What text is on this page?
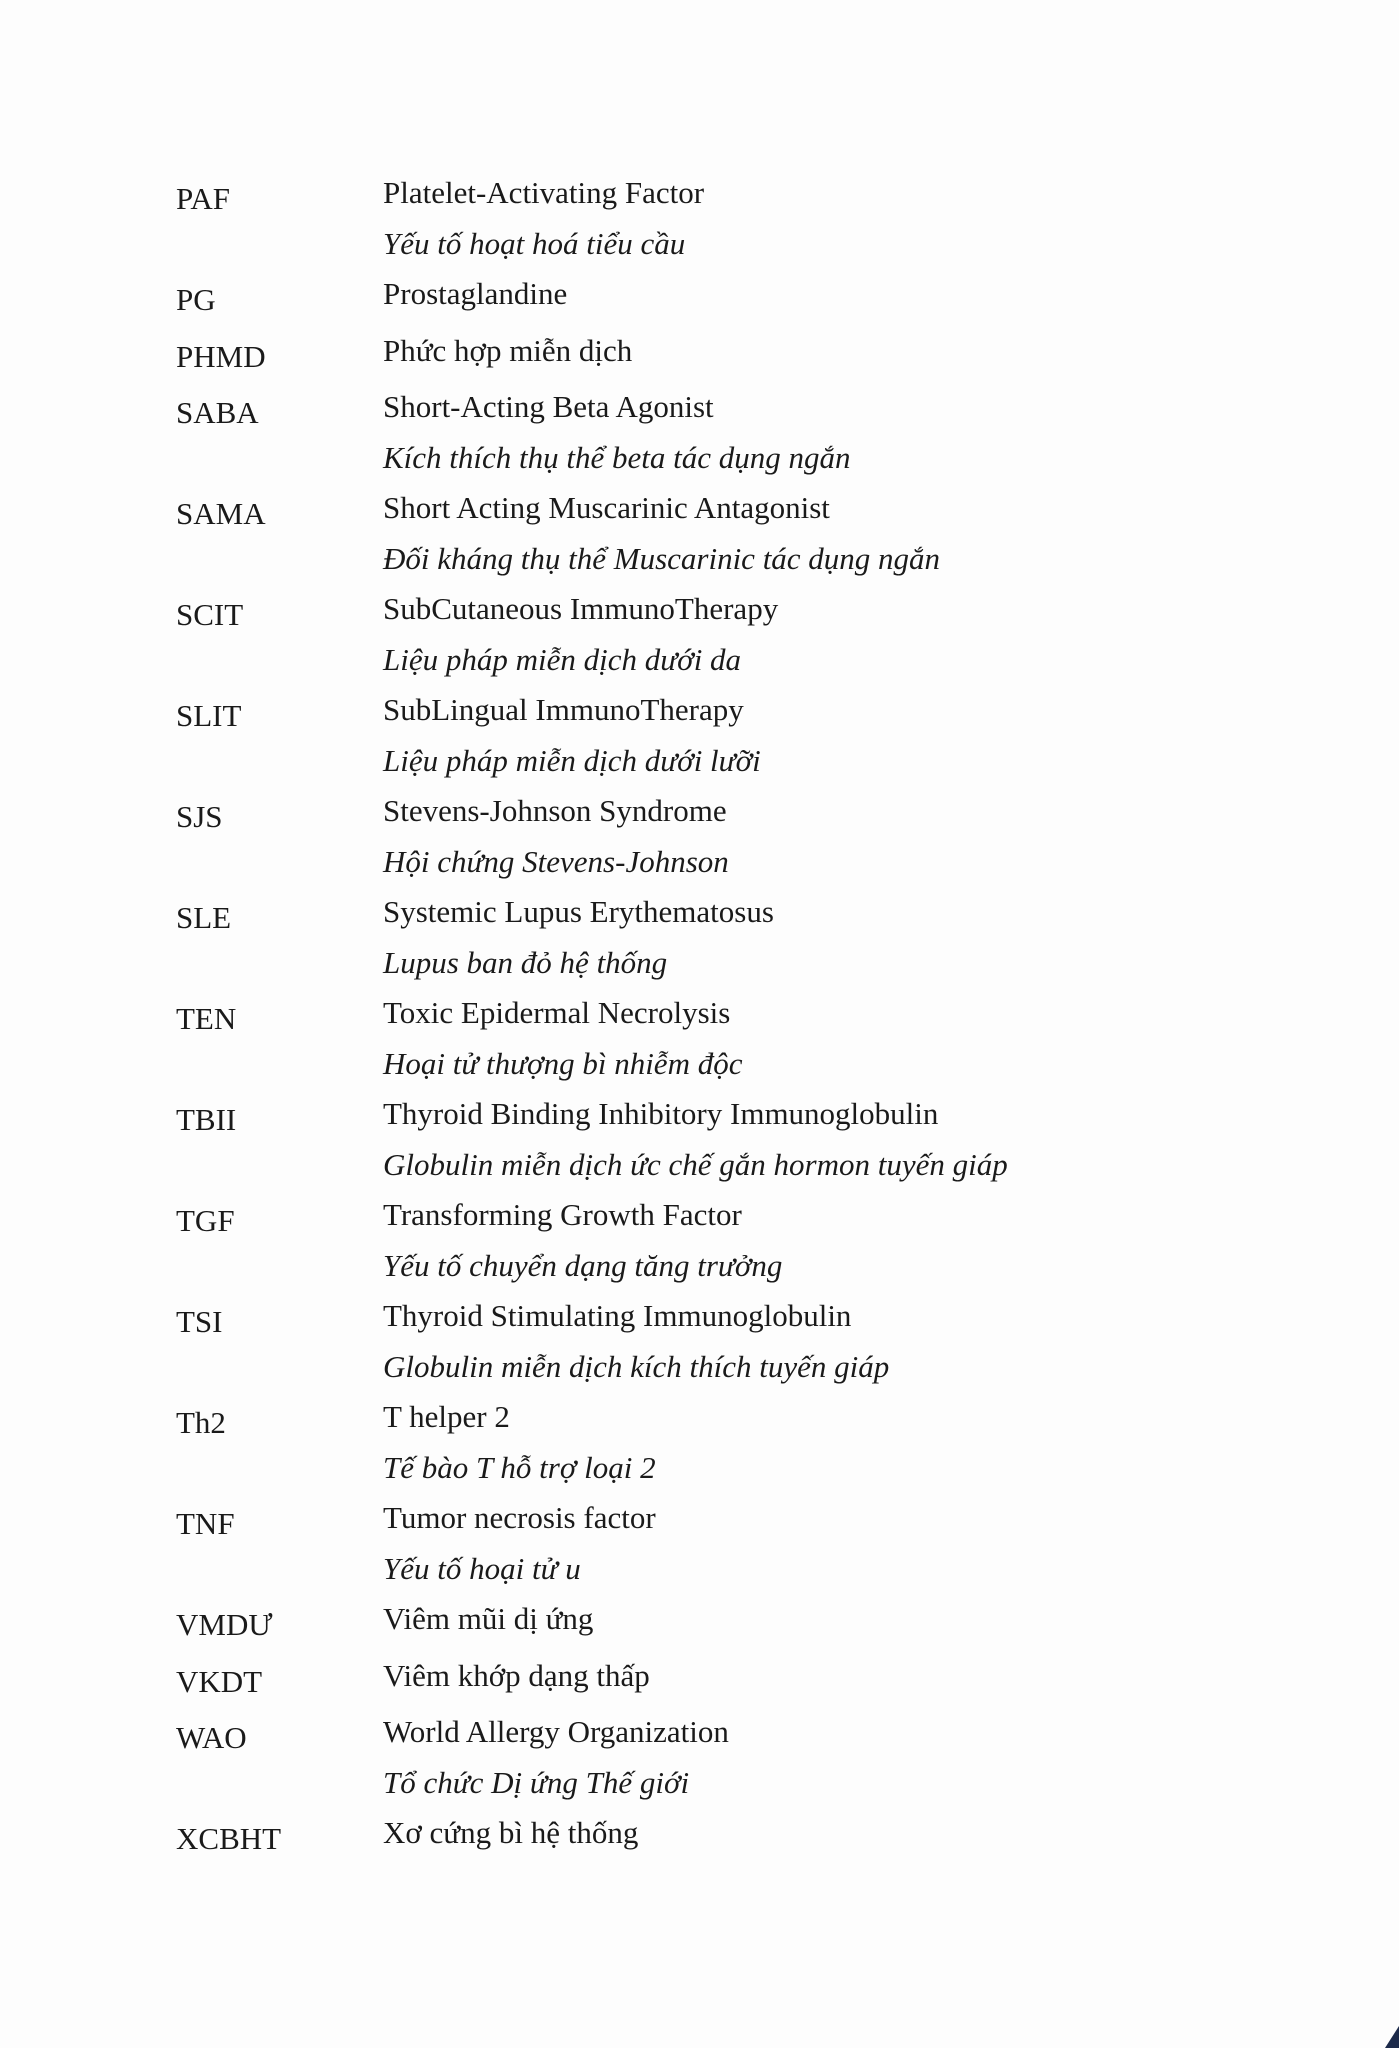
PAF	Platelet-Activating Factor
Yếu tố hoạt hoá tiểu cầu
PG	Prostaglandine
PHMD	Phức hợp miễn dịch
SABA	Short-Acting Beta Agonist
Kích thích thụ thể beta tác dụng ngắn
SAMA	Short Acting Muscarinic Antagonist
Đối kháng thụ thể Muscarinic tác dụng ngắn
SCIT	SubCutaneous ImmunoTherapy
Liệu pháp miễn dịch dưới da
SLIT	SubLingual ImmunoTherapy
Liệu pháp miễn dịch dưới lưỡi
SJS	Stevens-Johnson Syndrome
Hội chứng Stevens-Johnson
SLE	Systemic Lupus Erythematosus
Lupus ban đỏ hệ thống
TEN	Toxic Epidermal Necrolysis
Hoại tử thượng bì nhiễm độc
TBII	Thyroid Binding Inhibitory Immunoglobulin
Globulin miễn dịch ức chế gắn hormon tuyến giáp
TGF	Transforming Growth Factor
Yếu tố chuyển dạng tăng trưởng
TSI	Thyroid Stimulating Immunoglobulin
Globulin miễn dịch kích thích tuyến giáp
Th2	T helper 2
Tế bào T hỗ trợ loại 2
TNF	Tumor necrosis factor
Yếu tố hoại tử u
VMDƯ	Viêm mũi dị ứng
VKDT	Viêm khớp dạng thấp
WAO	World Allergy Organization
Tổ chức Dị ứng Thế giới
XCBHT	Xơ cứng bì hệ thống
